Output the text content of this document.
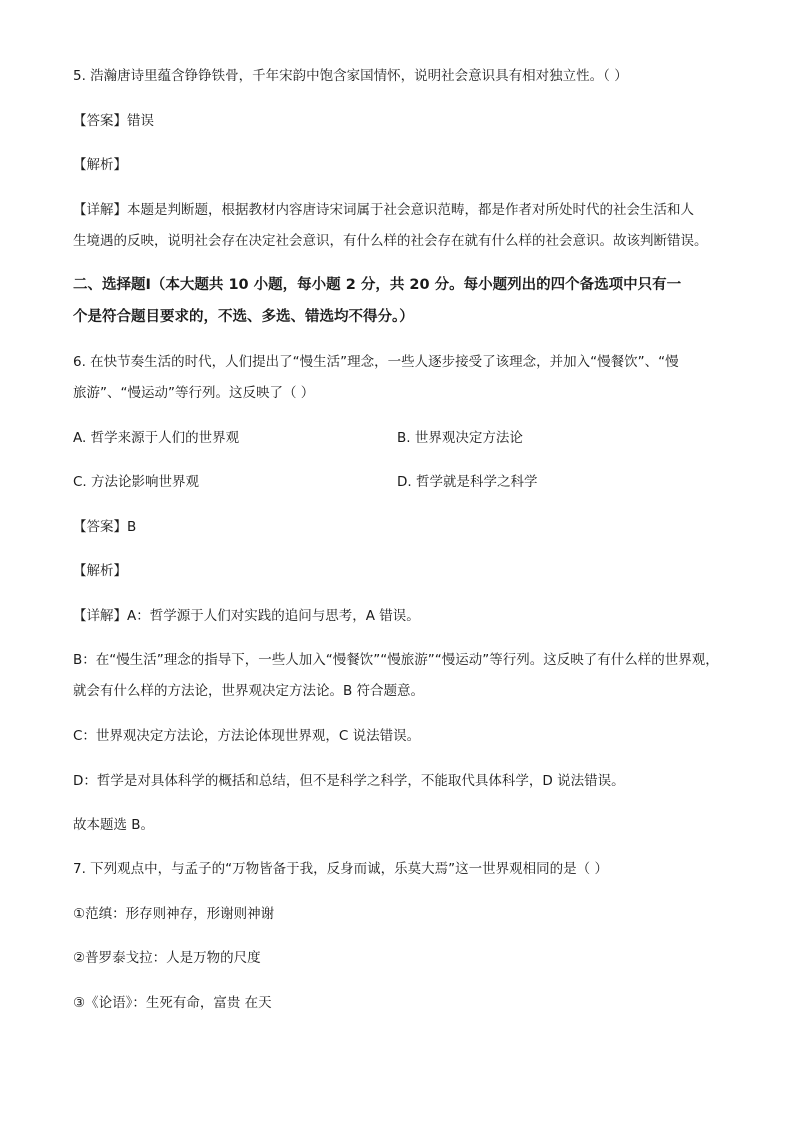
5. 浩瀚唐诗里蕴含铮铮铁骨，千年宋韵中饱含家国情怀，说明社会意识具有相对独立性。（ ）
【答案】错误
【解析】
【详解】本题是判断题，根据教材内容唐诗宋词属于社会意识范畴，都是作者对所处时代的社会生活和人
生境遇的反映，说明社会存在决定社会意识，有什么样的社会存在就有什么样的社会意识。故该判断错误。
二、选择题Ⅰ（本大题共 10 小题，每小题 2 分，共 20 分。每小题列出的四个备选项中只有一
个是符合题目要求的，不选、多选、错选均不得分。）
6. 在快节奏生活的时代，人们提出了“慢生活”理念，一些人逐步接受了该理念，并加入“慢餐饮”、“慢
旅游”、“慢运动”等行列。这反映了（ ）
A. 哲学来源于人们的世界观	B. 世界观决定方法论
C. 方法论影响世界观	D. 哲学就是科学之科学
【答案】B
【解析】
【详解】A：哲学源于人们对实践的追问与思考，A 错误。
B：在“慢生活”理念的指导下，一些人加入“慢餐饮”“慢旅游”“慢运动”等行列。这反映了有什么样的世界观，
就会有什么样的方法论，世界观决定方法论。B 符合题意。
C：世界观决定方法论，方法论体现世界观，C 说法错误。
D：哲学是对具体科学的概括和总结，但不是科学之科学，不能取代具体科学，D 说法错误。
故本题选 B。
7. 下列观点中，与孟子的“万物皆备于我，反身而诚，乐莫大焉”这一世界观相同的是（ ）
①范缜：形存则神存，形谢则神谢
②普罗泰戈拉：人是万物的尺度
③《论语》：生死有命，富贵 在天
